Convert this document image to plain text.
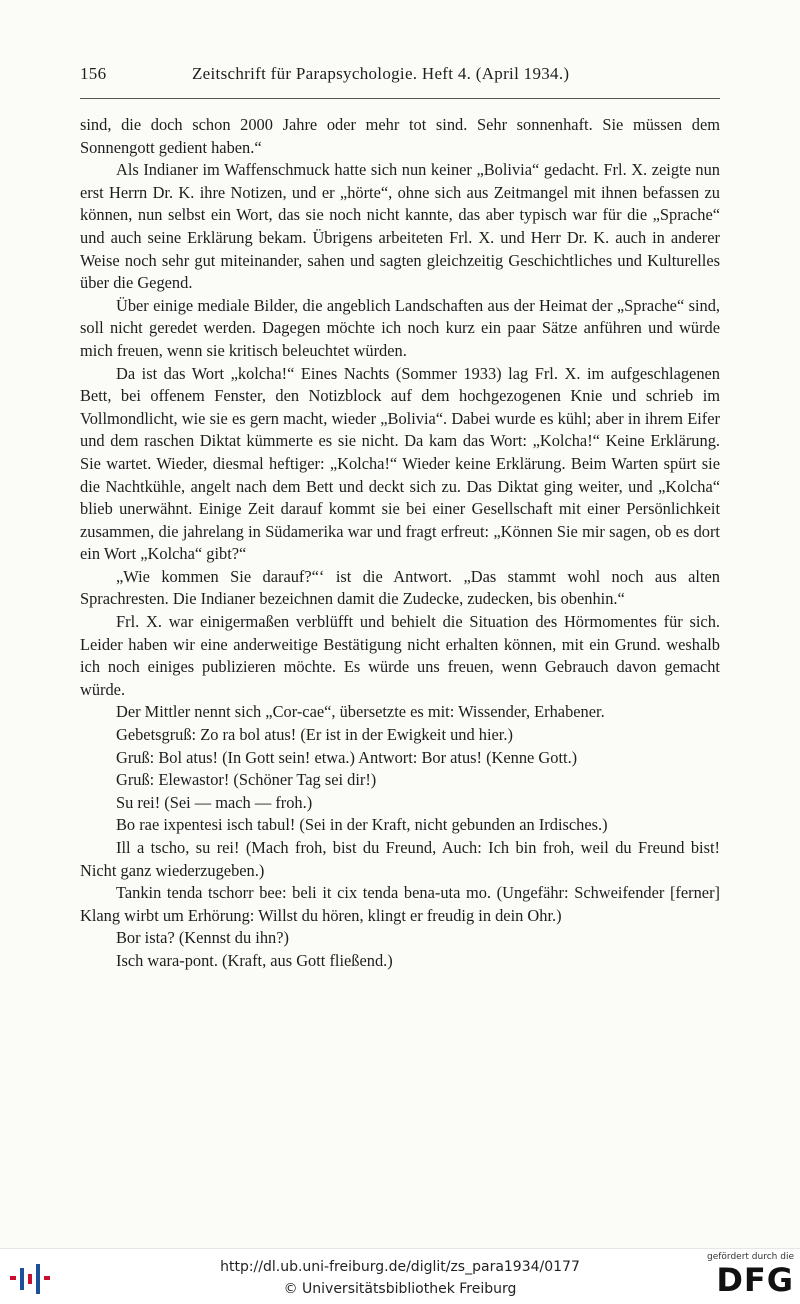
156	Zeitschrift für Parapsychologie. Heft 4. (April 1934.)

sind, die doch schon 2000 Jahre oder mehr tot sind. Sehr sonnenhaft. Sie müssen dem Sonnengott gedient haben.“

Als Indianer im Waffenschmuck hatte sich nun keiner „Bolivia“ gedacht. Frl. X. zeigte nun erst Herrn Dr. K. ihre Notizen, und er „hörte“, ohne sich aus Zeitmangel mit ihnen befassen zu können, nun selbst ein Wort, das sie noch nicht kannte, das aber typisch war für die „Sprache“ und auch seine Erklärung bekam. Übrigens arbeiteten Frl. X. und Herr Dr. K. auch in anderer Weise noch sehr gut miteinander, sahen und sagten gleichzeitig Geschichtliches und Kulturelles über die Gegend.

Über einige mediale Bilder, die angeblich Landschaften aus der Heimat der „Sprache“ sind, soll nicht geredet werden. Dagegen möchte ich noch kurz ein paar Sätze anführen und würde mich freuen, wenn sie kritisch beleuchtet würden.

Da ist das Wort „kolcha!“ Eines Nachts (Sommer 1933) lag Frl. X. im aufgeschlagenen Bett, bei offenem Fenster, den Notizblock auf dem hochgezogenen Knie und schrieb im Vollmondlicht, wie sie es gern macht, wieder „Bolivia“. Dabei wurde es kühl; aber in ihrem Eifer und dem raschen Diktat kümmerte es sie nicht. Da kam das Wort: „Kolcha!“ Keine Erklärung. Sie wartet. Wieder, diesmal heftiger: „Kolcha!“ Wieder keine Erklärung. Beim Warten spürt sie die Nachtkühle, angelt nach dem Bett und deckt sich zu. Das Diktat ging weiter, und „Kolcha“ blieb unerwähnt. Einige Zeit darauf kommt sie bei einer Gesellschaft mit einer Persönlichkeit zusammen, die jahrelang in Südamerika war und fragt erfreut: „Können Sie mir sagen, ob es dort ein Wort „Kolcha“ gibt?“

„Wie kommen Sie darauf?“‘ ist die Antwort. „Das stammt wohl noch aus alten Sprachresten. Die Indianer bezeichnen damit die Zudecke, zudecken, bis obenhin.“

Frl. X. war einigermaßen verblüfft und behielt die Situation des Hörmomentes für sich. Leider haben wir eine anderweitige Bestätigung nicht erhalten können, mit ein Grund. weshalb ich noch einiges publizieren möchte. Es würde uns freuen, wenn Gebrauch davon gemacht würde.

Der Mittler nennt sich „Cor-cae“, übersetzte es mit: Wissender, Erhabener.

Gebetsgruß: Zo ra bol atus! (Er ist in der Ewigkeit und hier.)

Gruß: Bol atus! (In Gott sein! etwa.) Antwort: Bor atus! (Kenne Gott.)

Gruß: Elewastor! (Schöner Tag sei dir!)

Su rei! (Sei — mach — froh.)

Bo rae ixpentesi isch tabul! (Sei in der Kraft, nicht gebunden an Irdisches.)

Ill a tscho, su rei! (Mach froh, bist du Freund, Auch: Ich bin froh, weil du Freund bist! Nicht ganz wiederzugeben.)

Tankin tenda tschorr bee: beli it cix tenda bena-uta mo. (Ungefähr: Schweifender [ferner] Klang wirbt um Erhörung: Willst du hören, klingt er freudig in dein Ohr.)

Bor ista? (Kennst du ihn?)

Isch wara-pont. (Kraft, aus Gott fließend.)

http://dl.ub.uni-freiburg.de/diglit/zs_para1934/0177
© Universitätsbibliothek Freiburg
gefördert durch die
DFG
